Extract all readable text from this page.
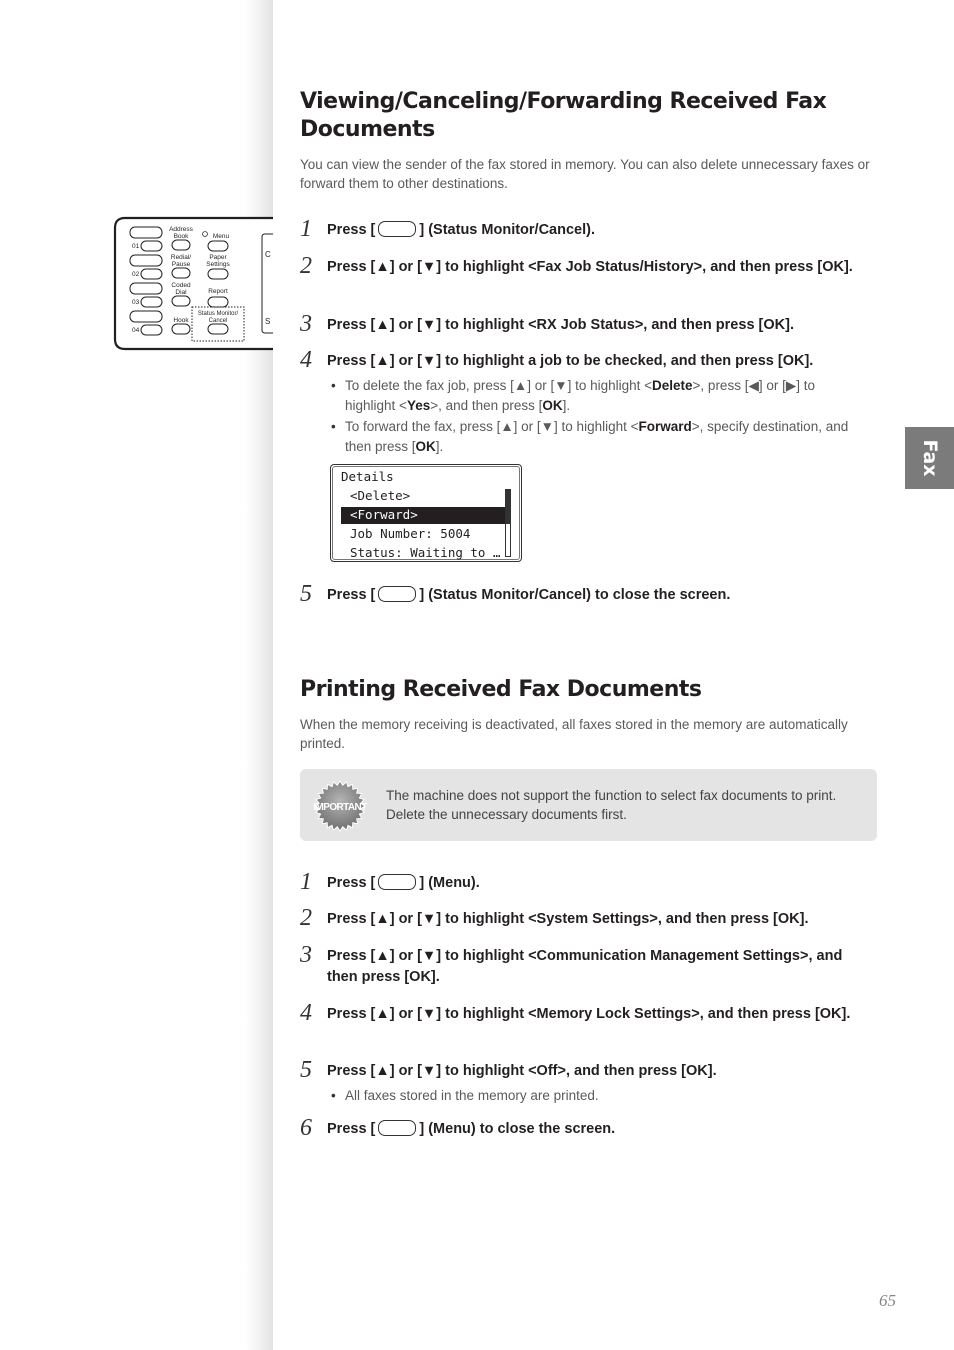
C
S
01
02
03
04
Address
Book
Redial/
Pause
Coded
Dial
Hook
Menu
Paper
Settings
Report
Status Monitor/
Cancel
Viewing/Canceling/Forwarding Received Fax
Documents

You can view the sender of the fax stored in memory. You can also delete unnecessary faxes or forward them to other destinations.

1 Press [	] (Status Monitor/Cancel).
2 Press [▲] or [▼] to highlight <Fax Job Status/History>, and then press [OK].
3 Press [▲] or [▼] to highlight <RX Job Status>, and then press [OK].
4 Press [▲] or [▼] to highlight a job to be checked, and then press [OK].
• To delete the fax job, press [▲] or [▼] to highlight <Delete>, press [◀] or [▶] to highlight <Yes>, and then press [OK].
• To forward the fax, press [▲] or [▼] to highlight <Forward>, specify destination, and then press [OK].
Details
<Delete>
<Forward>
Job Number: 5004
Status: Waiting to …
5 Press [	] (Status Monitor/Cancel) to close the screen.
Printing Received Fax Documents

When the memory receiving is deactivated, all faxes stored in the memory are automatically printed.

IMPORTANT
The machine does not support the function to select fax documents to print. Delete the unnecessary documents first.
1 Press [	] (Menu).
2 Press [▲] or [▼] to highlight <System Settings>, and then press [OK].
3 Press [▲] or [▼] to highlight <Communication Management Settings>, and then press [OK].
4 Press [▲] or [▼] to highlight <Memory Lock Settings>, and then press [OK].
5 Press [▲] or [▼] to highlight <Off>, and then press [OK].
• All faxes stored in the memory are printed.
6 Press [	] (Menu) to close the screen.
Fax
65
